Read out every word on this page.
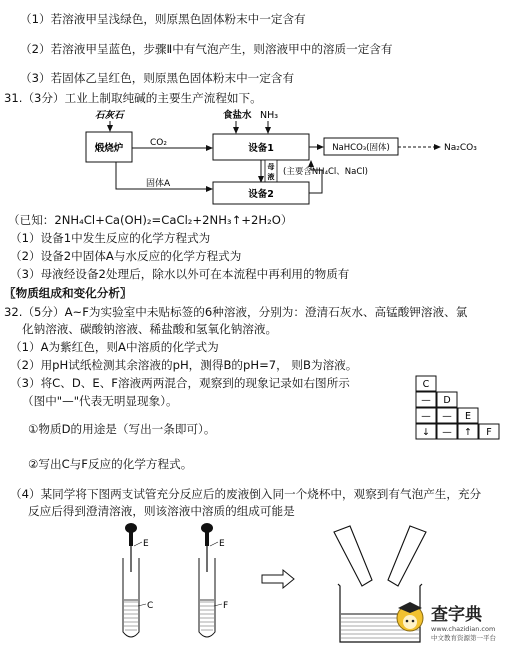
（1）若溶液甲呈浅绿色，则原黑色固体粉末中一定含有
（2）若溶液甲呈蓝色，步骤Ⅱ中有气泡产生，则溶液甲中的溶质一定含有
（3）若固体乙呈红色，则原黑色固体粉末中一定含有
31.（3分）工业上制取纯碱的主要生产流程如下。
石灰石
煅烧炉	CO₂
食盐水 NH₃
设备1	NaHCO₃(固体)	Na₂CO₃
母
液 (主要含NH₄Cl、NaCl)
固体A
设备2
（已知：2NH₄Cl+Ca(OH)₂=CaCl₂+2NH₃↑+2H₂O）
（1）设备1中发生反应的化学方程式为
（2）设备2中固体A与水反应的化学方程式为
（3）母液经设备2处理后，除水以外可在本流程中再利用的物质有
〖物质组成和变化分析〗
32.（5分）A~F为实验室中未贴标签的6种溶液，分别为：澄清石灰水、高锰酸钾溶液、氯
化钠溶液、碳酸钠溶液、稀盐酸和氢氧化钠溶液。
（1）A为紫红色，则A中溶质的化学式为
（2）用pH试纸检测其余溶液的pH，测得B的pH=7， 则B为溶液。
（3）将C、D、E、F溶液两两混合，观察到的现象记录如右图所示
（图中"—"代表无明显现象）。
①物质D的用途是（写出一条即可）。
②写出C与F反应的化学方程式。
C
— D
— — E
↓ — ↑ F
（4）某同学将下图两支试管充分反应后的废液倒入同一个烧杯中，观察到有气泡产生，充分
反应后得到澄清溶液，则该溶液中溶质的组成可能是
E
C
E
F	查字典
www.chazidian.com
中文教育资源第一平台
